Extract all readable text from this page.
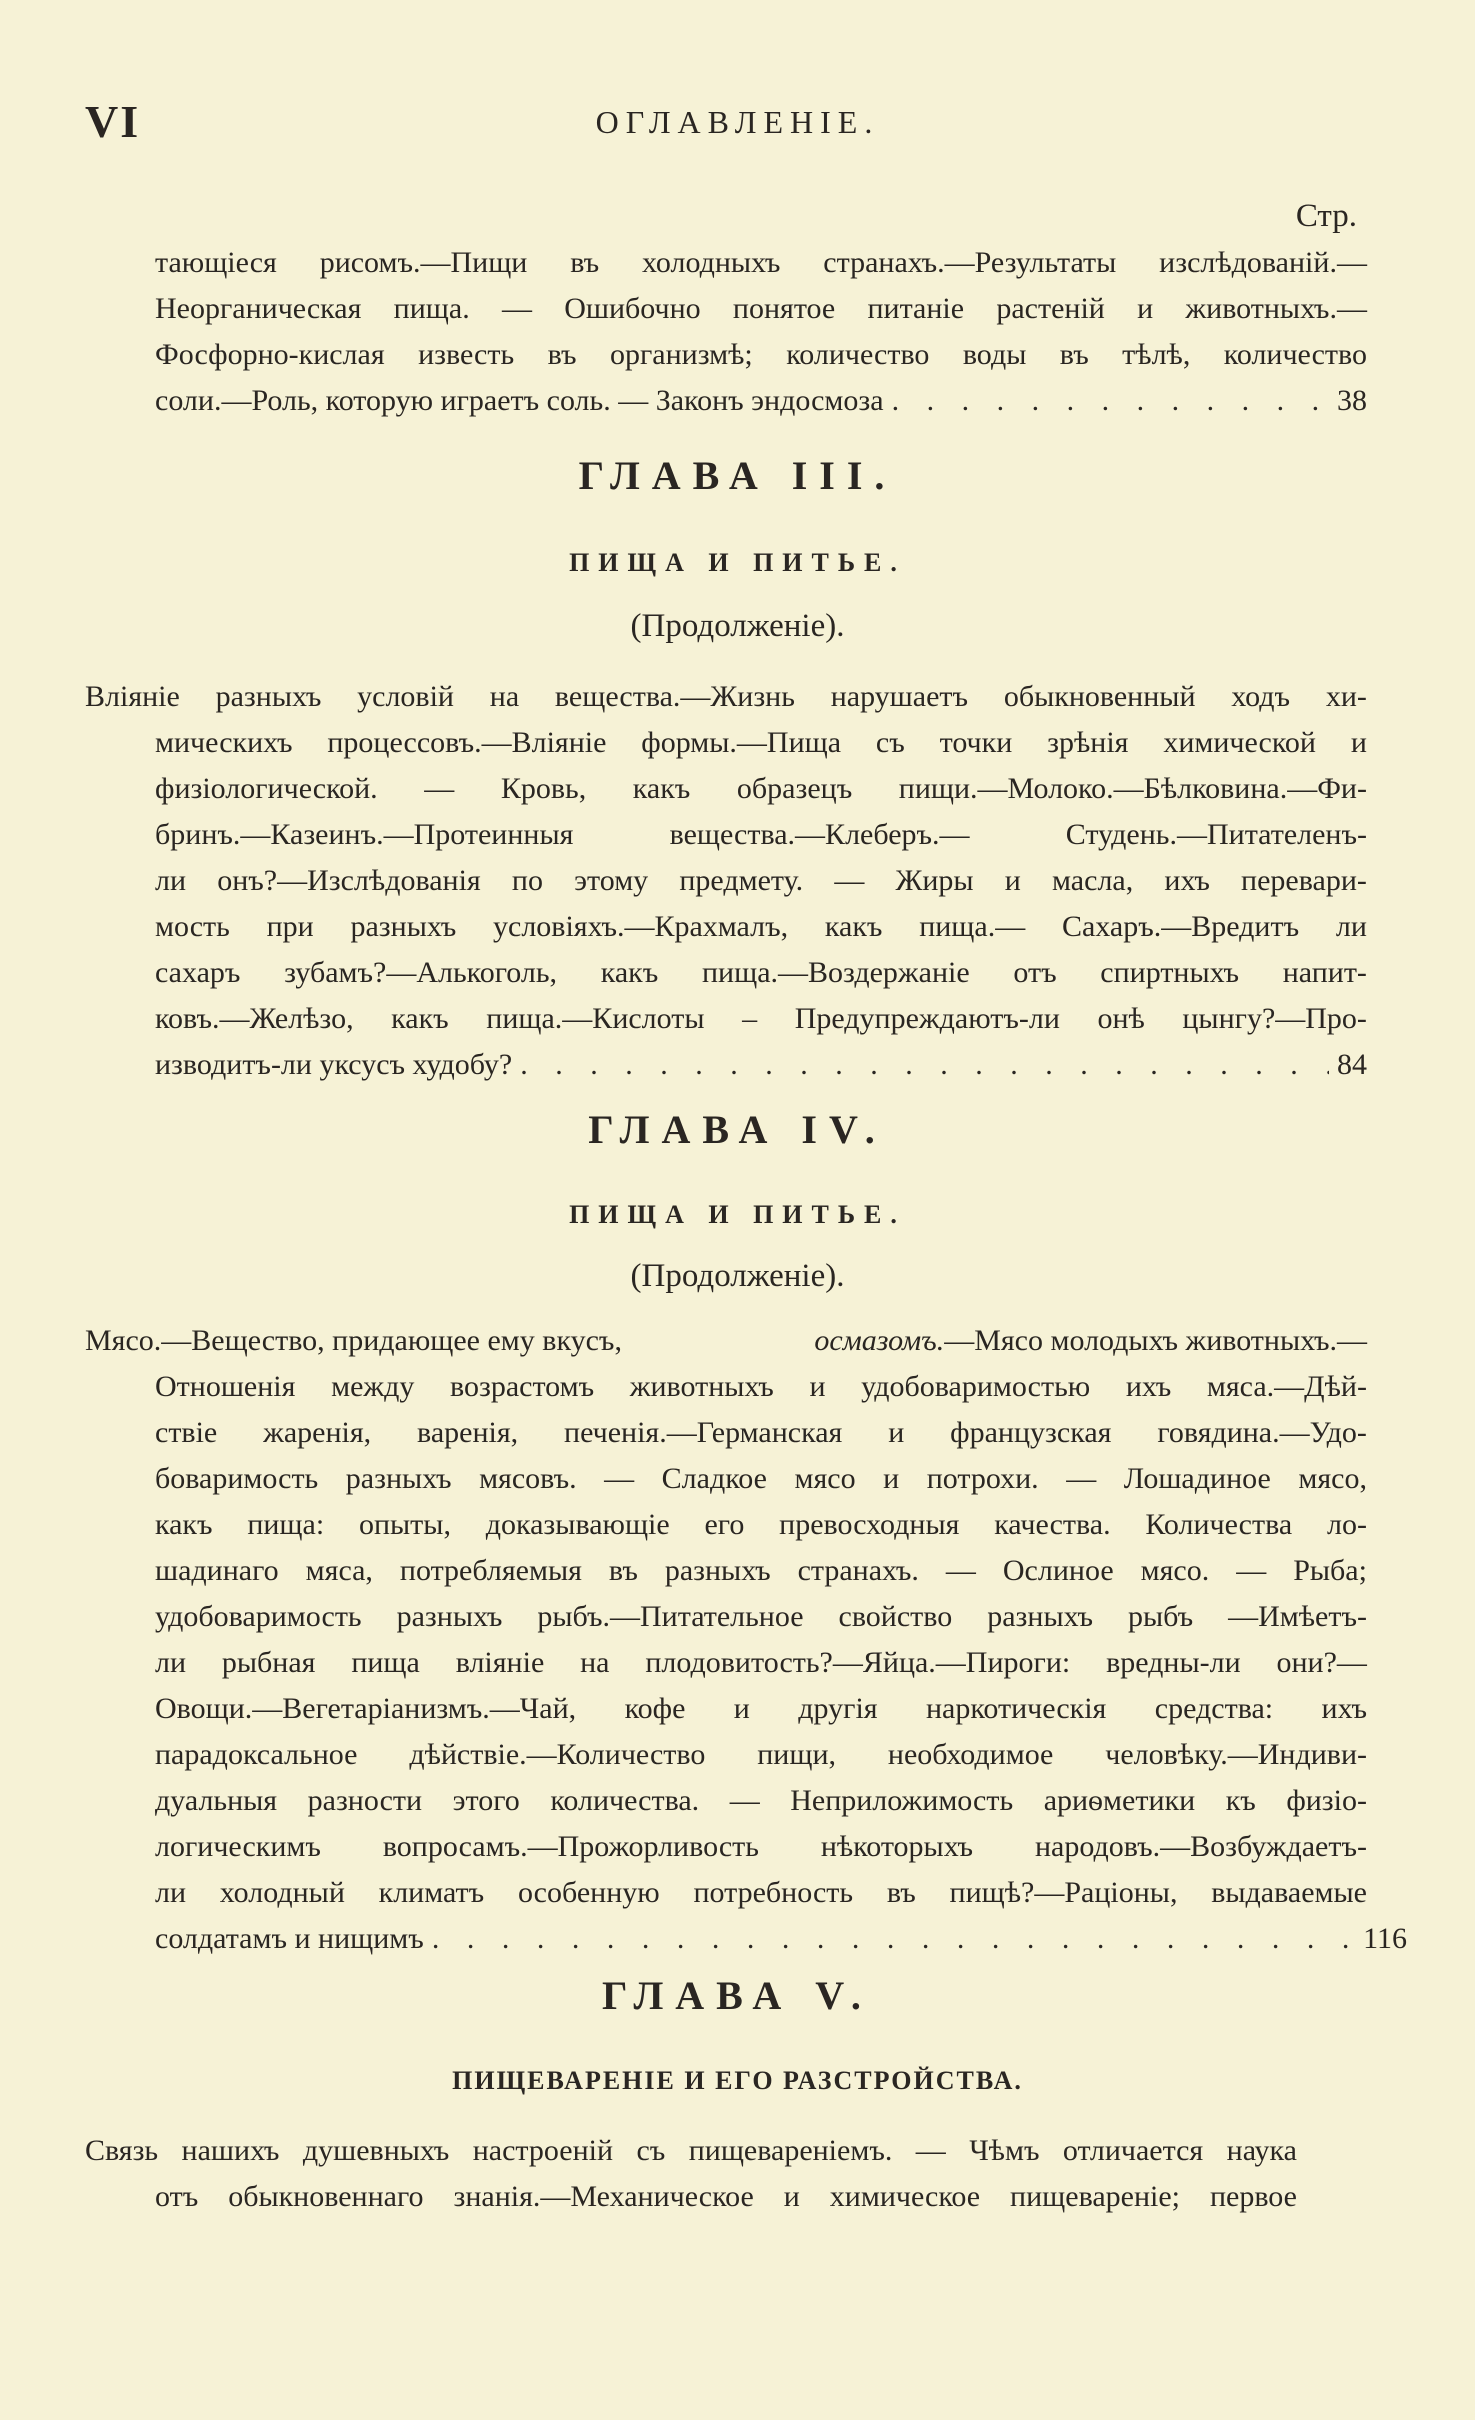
VI	ОГЛАВЛЕНІЕ.
Стр.
тающіеся рисомъ.—Пищи въ холодныхъ странахъ.—Результаты изслѣдованій.—
Неорганическая пища. — Ошибочно понятое питаніе растеній и животныхъ.—
Фосфорно-кислая известь въ организмѣ; количество воды въ тѣлѣ, количество
соли.—Роль, которую играетъ соль. — Законъ эндосмоза . . .	38
ГЛАВА III.
ПИЩА И ПИТЬЕ.
(Продолженіе).
Вліяніе разныхъ условій на вещества.—Жизнь нарушаетъ обыкновенный ходъ хи-
мическихъ процессовъ.—Вліяніе формы.—Пища съ точки зрѣнія химической и
физіологической. — Кровь, какъ образецъ пищи.—Молоко.—Бѣлковина.—Фи-
бринъ.—Казеинъ.—Протеинныя	вещества.—Клеберъ.—	Студень.—Питателенъ-
ли онъ?—Изслѣдованія по этому предмету. — Жиры и масла, ихъ перевари-
мость при разныхъ условіяхъ.—Крахмалъ, какъ пища.— Сахаръ.—Вредитъ ли
сахаръ зубамъ?—Алькоголь, какъ пища.—Воздержаніе отъ спиртныхъ напит-
ковъ.—Желѣзо, какъ пища.—Кислоты – Предупреждаютъ-ли онѣ цынгу?—Про-
изводитъ-ли уксусъ худобу? . . .	84
ГЛАВА IV.
ПИЩА И ПИТЬЕ.
(Продолженіе).
Мясо.—Вещество, придающее ему вкусъ,	осмазомъ.—Мясо молодыхъ животныхъ.—
Отношенія между возрастомъ животныхъ и удобоваримостью ихъ мяса.—Дѣй-
ствіе жаренія, варенія, печенія.—Германская и французская говядина.—Удо-
боваримость разныхъ мясовъ. — Сладкое мясо и потрохи. — Лошадиное мясо,
какъ пища: опыты, доказывающіе его превосходныя качества. Количества ло-
шадинаго мяса, потребляемыя въ разныхъ странахъ. — Ослиное мясо. — Рыба;
удобоваримость разныхъ рыбъ.—Питательное свойство разныхъ рыбъ —Имѣетъ-
ли рыбная пища вліяніе на плодовитость?—Яйца.—Пироги: вредны-ли они?—
Овощи.—Вегетаріанизмъ.—Чай, кофе и другія наркотическія средства: ихъ
парадоксальное дѣйствіе.—Количество пищи, необходимое человѣку.—Индиви-
дуальныя разности этого количества. — Неприложимость ариѳметики къ физіо-
логическимъ вопросамъ.—Прожорливость нѣкоторыхъ народовъ.—Возбуждаетъ-
ли холодный климатъ особенную потребность въ пищѣ?—Раціоны, выдаваемые
солдатамъ и нищимъ . . .	116
ГЛАВА V.
ПИЩЕВАРЕНІЕ И ЕГО РАЗСТРОЙСТВА.
Связь нашихъ душевныхъ настроеній съ пищевареніемъ. — Чѣмъ отличается наука
отъ обыкновеннаго знанія.—Механическое и химическое пищевареніе; первое
